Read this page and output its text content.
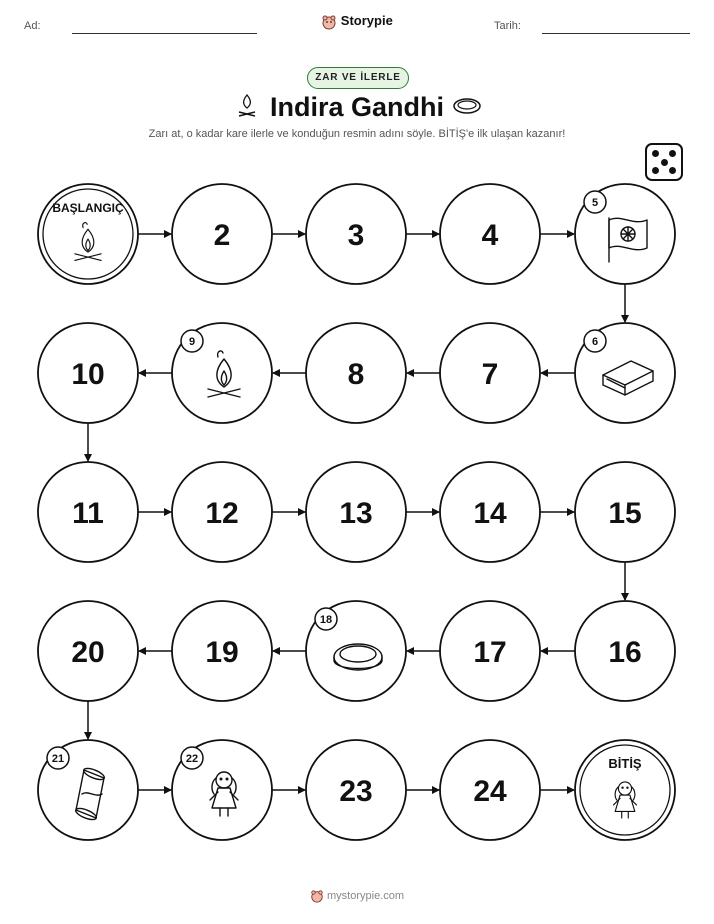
Ad:	Storypie	Tarih:
ZAR VE İLERLE
Indira Gandhi
Zarı at, o kadar kare ilerle ve konduğun resmin adını söyle. BİTİŞ'e ilk ulaşan kazanır!
BAŞLANGIÇ
2	3	4
5
6
7
8
9
10
11	12	13	14	15
16
17
18
19
20
21	22
23	24
BİTİŞ
mystorypie.com
